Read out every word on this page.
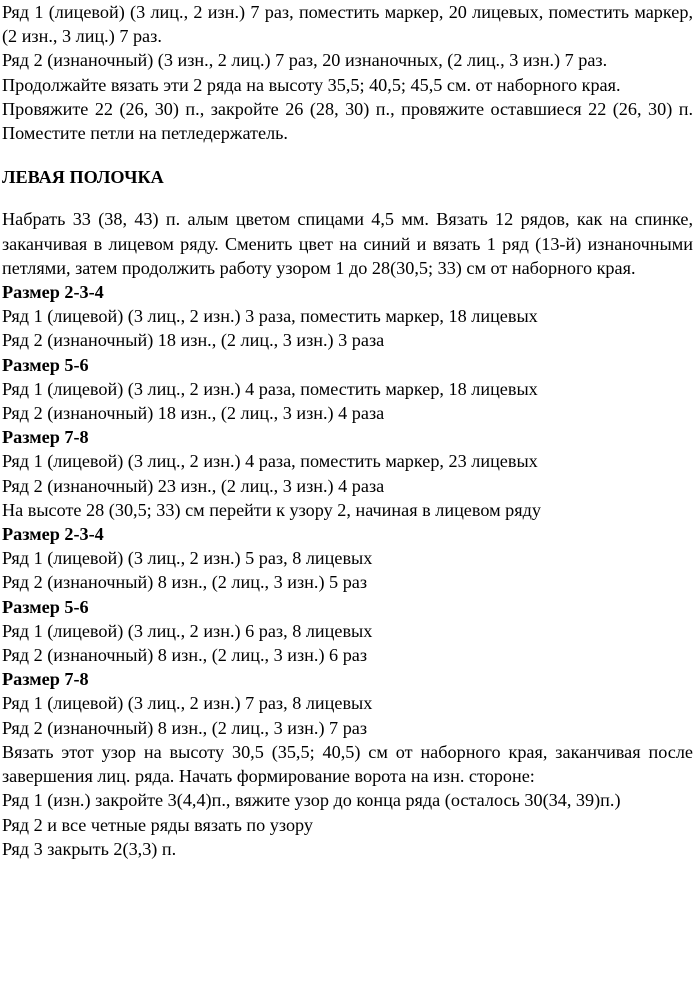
Ряд 1 (лицевой) (3 лиц., 2 изн.) 7 раз, поместить маркер, 20 лицевых, поместить маркер, (2 изн., 3 лиц.) 7 раз.

Ряд 2 (изнаночный) (3 изн., 2 лиц.) 7 раз, 20 изнаночных, (2 лиц., 3 изн.) 7 раз.

Продолжайте вязать эти 2 ряда на высоту 35,5; 40,5; 45,5 см. от наборного края.

Провяжите 22 (26, 30) п., закройте 26 (28, 30) п., провяжите оставшиеся 22 (26, 30) п. Поместите петли на петледержатель.

ЛЕВАЯ ПОЛОЧКА

Набрать 33 (38, 43) п. алым цветом спицами 4,5 мм. Вязать 12 рядов, как на спинке, заканчивая в лицевом ряду. Сменить цвет на синий и вязать 1 ряд (13-й) изнаночными петлями, затем продолжить работу узором 1 до 28(30,5; 33) см от наборного края.

Размер 2-3-4

Ряд 1 (лицевой) (3 лиц., 2 изн.) 3 раза, поместить маркер, 18 лицевых

Ряд 2 (изнаночный) 18 изн., (2 лиц., 3 изн.) 3 раза

Размер 5-6

Ряд 1 (лицевой) (3 лиц., 2 изн.) 4 раза, поместить маркер, 18 лицевых

Ряд 2 (изнаночный) 18 изн., (2 лиц., 3 изн.) 4 раза

Размер 7-8

Ряд 1 (лицевой) (3 лиц., 2 изн.) 4 раза, поместить маркер, 23 лицевых

Ряд 2 (изнаночный) 23 изн., (2 лиц., 3 изн.) 4 раза

На высоте 28 (30,5; 33) см перейти к узору 2, начиная в лицевом ряду

Размер 2-3-4

Ряд 1 (лицевой) (3 лиц., 2 изн.) 5 раз, 8 лицевых

Ряд 2 (изнаночный) 8 изн., (2 лиц., 3 изн.) 5 раз

Размер 5-6

Ряд 1 (лицевой) (3 лиц., 2 изн.) 6 раз, 8 лицевых

Ряд 2 (изнаночный) 8 изн., (2 лиц., 3 изн.) 6 раз

Размер 7-8

Ряд 1 (лицевой) (3 лиц., 2 изн.) 7 раз, 8 лицевых

Ряд 2 (изнаночный) 8 изн., (2 лиц., 3 изн.) 7 раз

Вязать этот узор на высоту 30,5 (35,5; 40,5) см от наборного края, заканчивая после завершения лиц. ряда. Начать формирование ворота на изн. стороне:

Ряд 1 (изн.) закройте 3(4,4)п., вяжите узор до конца ряда (осталось 30(34, 39)п.)

Ряд 2 и все четные ряды вязать по узору

Ряд 3 закрыть 2(3,3) п.
